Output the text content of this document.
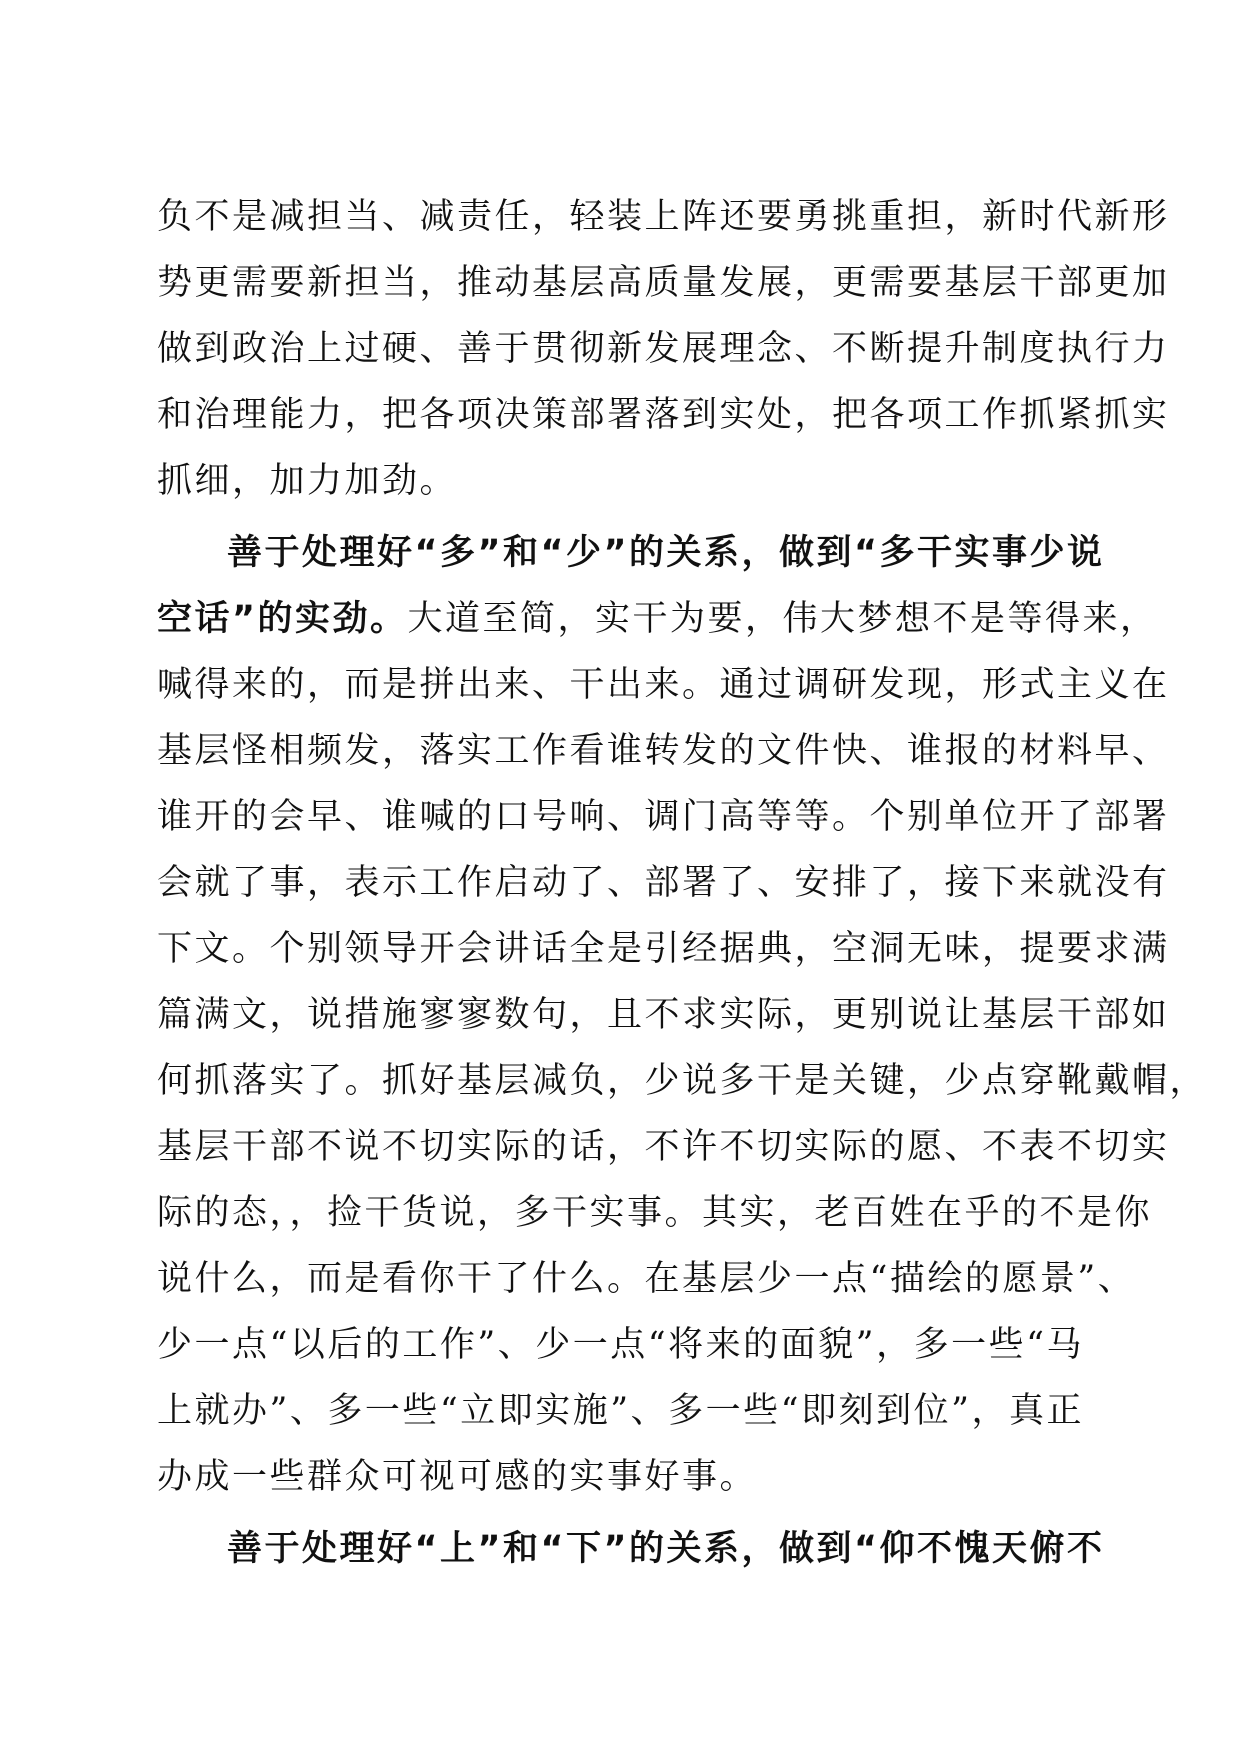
负不是减担当、减责任，轻装上阵还要勇挑重担，新时代新形
势更需要新担当，推动基层高质量发展，更需要基层干部更加
做到政治上过硬、善于贯彻新发展理念、不断提升制度执行力
和治理能力，把各项决策部署落到实处，把各项工作抓紧抓实
抓细，加力加劲。
善于处理好“多”和“少”的关系，做到“多干实事少说
空话”的实劲。大道至简，实干为要，伟大梦想不是等得来，
喊得来的，而是拼出来、干出来。通过调研发现，形式主义在
基层怪相频发，落实工作看谁转发的文件快、谁报的材料早、
谁开的会早、谁喊的口号响、调门高等等。个别单位开了部署
会就了事，表示工作启动了、部署了、安排了，接下来就没有
下文。个别领导开会讲话全是引经据典，空洞无味，提要求满
篇满文，说措施寥寥数句，且不求实际，更别说让基层干部如
何抓落实了。抓好基层减负，少说多干是关键，少点穿靴戴帽，
基层干部不说不切实际的话，不许不切实际的愿、不表不切实
际的态，，捡干货说，多干实事。其实，老百姓在乎的不是你
说什么，而是看你干了什么。在基层少一点“描绘的愿景”、
少一点“以后的工作”、少一点“将来的面貌”，多一些“马
上就办”、多一些“立即实施”、多一些“即刻到位”，真正
办成一些群众可视可感的实事好事。
善于处理好“上”和“下”的关系，做到“仰不愧天俯不
